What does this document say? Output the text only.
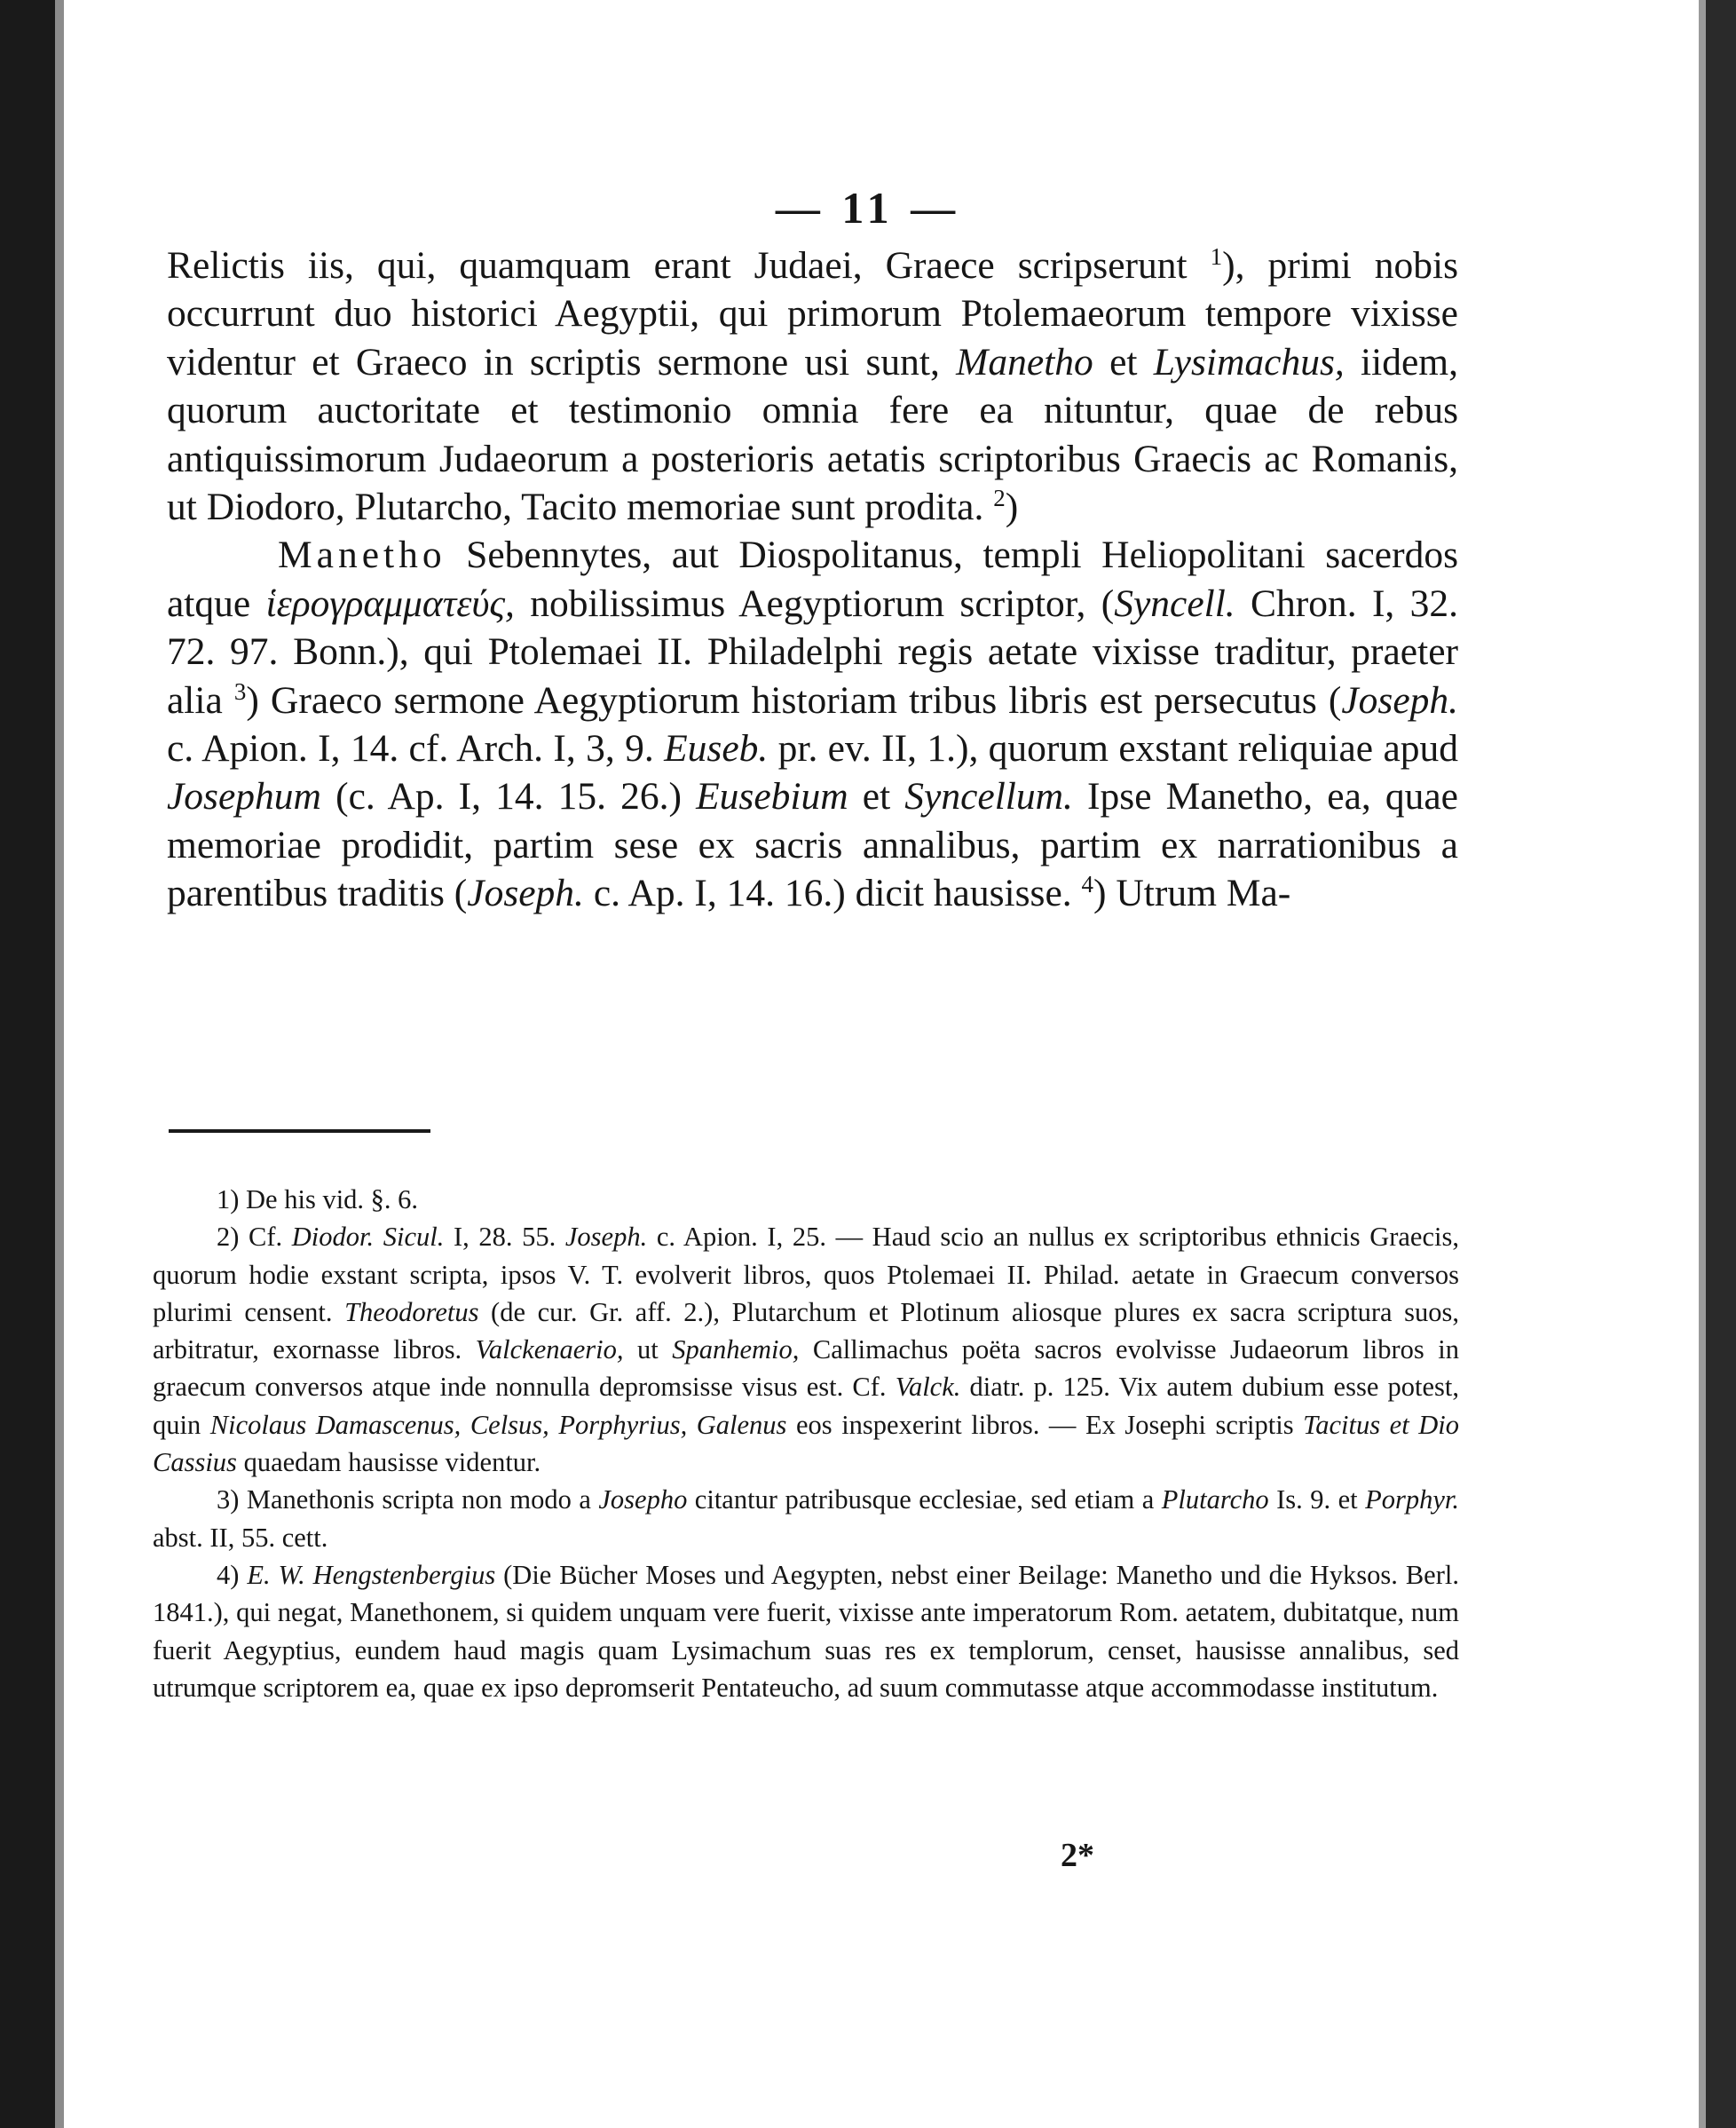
— 11 —

Relictis iis, qui, quamquam erant Judaei, Graece scripserunt $^1$), primi nobis occurrunt duo historici Aegyptii, qui primorum Ptolemaeorum tempore vixisse videntur et Graeco in scriptis sermone usi sunt, Manetho et Lysimachus, iidem, quorum auctoritate et testimonio omnia fere ea nituntur, quae de rebus antiquissimorum Judaeorum a posterioris aetatis scriptoribus Graecis ac Romanis, ut Diodoro, Plutarcho, Tacito memoriae sunt prodita. $^2$)

Manetho Sebennytes, aut Diospolitanus, templi Heliopolitani sacerdos atque ἱερογραμματεύς, nobilissimus Aegyptiorum scriptor, (Syncell. Chron. I, 32. 72. 97. Bonn.), qui Ptolemaei II. Philadelphi regis aetate vixisse traditur, praeter alia $^3$) Graeco sermone Aegyptiorum historiam tribus libris est persecutus (Joseph. c. Apion. I, 14. cf. Arch. I, 3, 9. Euseb. pr. ev. II, 1.), quorum exstant reliquiae apud Josephum (c. Ap. I, 14. 15. 26.) Eusebium et Syncellum. Ipse Manetho, ea, quae memoriae prodidit, partim sese ex sacris annalibus, partim ex narrationibus a parentibus traditis (Joseph. c. Ap. I, 14. 16.) dicit hausisse. $^4$) Utrum Ma-

1) De his vid. §. 6.

2) Cf. Diodor. Sicul. I, 28. 55. Joseph. c. Apion. I, 25. — Haud scio an nullus ex scriptoribus ethnicis Graecis, quorum hodie exstant scripta, ipsos V. T. evolverit libros, quos Ptolemaei II. Philad. aetate in Graecum conversos plurimi censent. Theodoretus (de cur. Gr. aff. 2.), Plutarchum et Plotinum aliosque plures ex sacra scriptura suos, arbitratur, exornasse libros. Valckenaerio, ut Spanhemio, Callimachus poëta sacros evolvisse Judaeorum libros in graecum conversos atque inde nonnulla depromsisse visus est. Cf. Valck. diatr. p. 125. Vix autem dubium esse potest, quin Nicolaus Damascenus, Celsus, Porphyrius, Galenus eos inspexerint libros. — Ex Josephi scriptis Tacitus et Dio Cassius quaedam hausisse videntur.

3) Manethonis scripta non modo a Josepho citantur patribusque ecclesiae, sed etiam a Plutarcho Is. 9. et Porphyr. abst. II, 55. cett.

4) E. W. Hengstenbergius (Die Bücher Moses und Aegypten, nebst einer Beilage: Manetho und die Hyksos. Berl. 1841.), qui negat, Manethonem, si quidem unquam vere fuerit, vixisse ante imperatorum Rom. aetatem, dubitatque, num fuerit Aegyptius, eundem haud magis quam Lysimachum suas res ex templorum, censet, hausisse annalibus, sed utrumque scriptorem ea, quae ex ipso depromserit Pentateucho, ad suum commutasse atque accommodasse institutum.

2*
